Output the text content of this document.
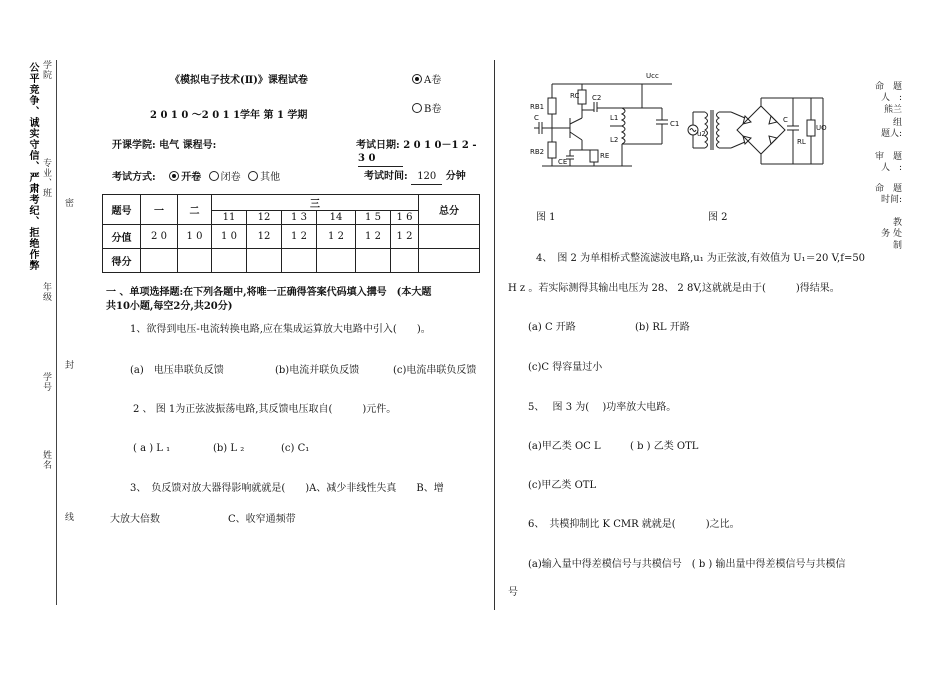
学院
公平竞争、诚实守信、严肃考纪、拒绝作弊 专业、班
密
年级
封
学号
姓名
线
《模拟电子技术(Ⅱ)》课程试卷	A卷
B卷
2 0 1 0 ～2 0 1 1学年 第 1 学期
开课学院: 电气 课程号:	考试日期: 2 0 1 0－1 2 -
3 0
考试方式:	开卷 闭卷 其他	考试时间: 120 分钟
题号	一	二	三						总分
			11	12	1 3	14	1 5	1 6	
分值	2 0	1 0	1 0	12	1 2	1 2	1 2	1 2	
得分									
一 、单项选择题:在下列各题中,将唯一正确得答案代码填入搆号　(本大题
共10小题,每空2分,共20分)
1、欲得到电压-电流转换电路,应在集成运算放大电路中引入(　　)。
(a)　电压串联负反馈	(b)电流并联负反馈	(c)电流串联负反馈
2 、 图 1为正弦波振荡电路,其反馈电压取自(　　　)元件。
( a ) L ₁	(b) L ₂	(c) C₁
3、　负反馈对放大器得影响就就是(　　)A、减少非线性失真　　B、增
大放大倍数	C、收窄通频带
Ucc
RB1
RC C2
C	L1
L2
C1
RB2
CE
RE
u2
C
RL
UO
图 1	图 2
4、　图 2 为单相桥式整流滤波电路,u₁ 为正弦波,有效值为 U₁＝20 V,f=50
H z 。若实际测得其输出电压为 28、 2 8V,这就就是由于(　　　)得结果。
(a) C 开路	(b) RL 开路
(c)C 得容量过小
5、　 图 3 为(　 )功率放大电路。
(a)甲乙类 OC L	( b ) 乙类 OTL
(c)甲乙类 OTL
6、　共模抑制比 K CMR 就就是(　　　)之比。
(a)输入量中得差模信号与共模信号　( b ) 输出量中得差模信号与共模信
号
命　题
人　:
熊兰
组
题人:
审　题
人　:
命　题
时间:
教
务 处
制
